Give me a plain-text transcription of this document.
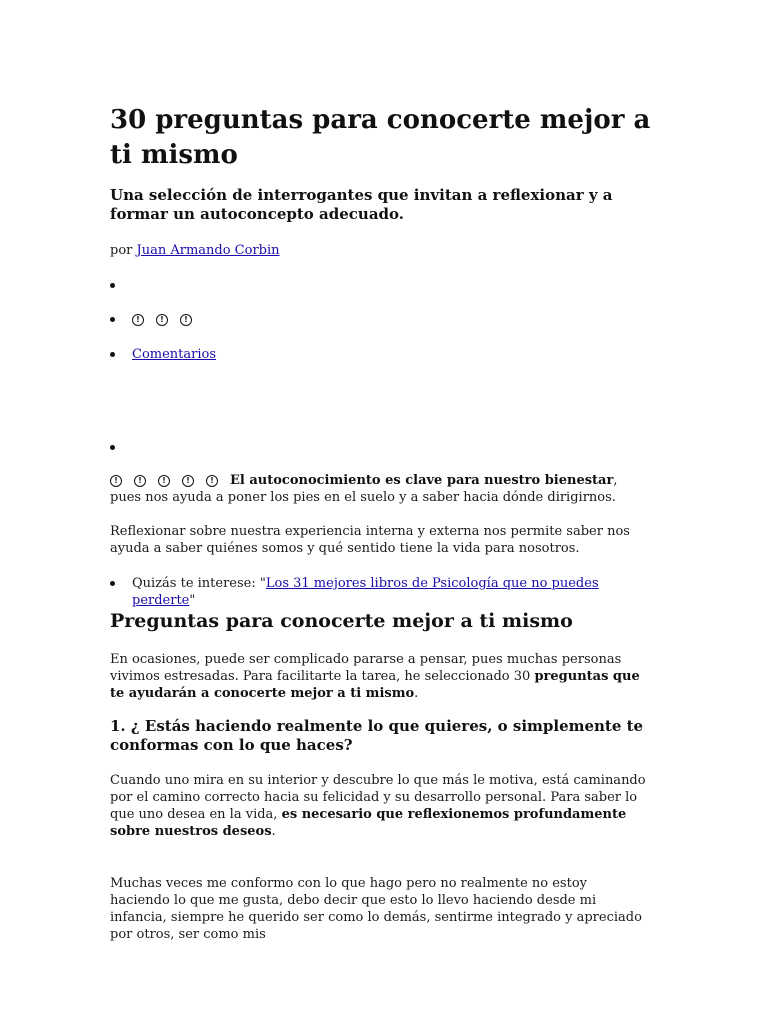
30 preguntas para conocerte mejor a ti mismo

Una selección de interrogantes que invitan a reflexionar y a formar un autoconcepto adecuado.

por Juan Armando Corbin

!	!	!
Comentarios

!	!	!	!	! El autoconocimiento es clave para nuestro bienestar, pues nos ayuda a poner los pies en el suelo y a saber hacia dónde dirigirnos.

Reflexionar sobre nuestra experiencia interna y externa nos permite saber nos ayuda a saber quiénes somos y qué sentido tiene la vida para nosotros.

Quizás te interese: "Los 31 mejores libros de Psicología que no puedes perderte"

Preguntas para conocerte mejor a ti mismo

En ocasiones, puede ser complicado pararse a pensar, pues muchas personas vivimos estresadas. Para facilitarte la tarea, he seleccionado 30 preguntas que te ayudarán a conocerte mejor a ti mismo.

1. ¿ Estás haciendo realmente lo que quieres, o simplemente te conformas con lo que haces?

Cuando uno mira en su interior y descubre lo que más le motiva, está caminando por el camino correcto hacia su felicidad y su desarrollo personal. Para saber lo que uno desea en la vida, es necesario que reflexionemos profundamente sobre nuestros deseos.

Muchas veces me conformo con lo que hago pero no realmente no estoy haciendo lo que me gusta, debo decir que esto lo llevo haciendo desde mi infancia, siempre he querido ser como lo demás, sentirme integrado y apreciado por otros, ser como mis
